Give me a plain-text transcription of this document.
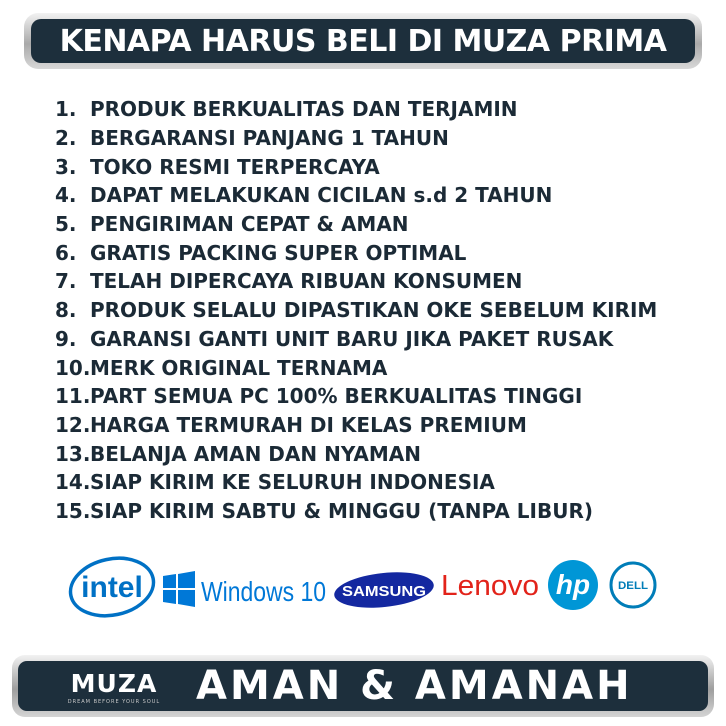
KENAPA HARUS BELI DI MUZA PRIMA
1. PRODUK BERKUALITAS DAN TERJAMIN
2. BERGARANSI PANJANG 1 TAHUN
3. TOKO RESMI TERPERCAYA
4. DAPAT MELAKUKAN CICILAN s.d 2 TAHUN
5. PENGIRIMAN CEPAT & AMAN
6. GRATIS PACKING SUPER OPTIMAL
7. TELAH DIPERCAYA RIBUAN KONSUMEN
8. PRODUK SELALU DIPASTIKAN OKE SEBELUM KIRIM
9. GARANSI GANTI UNIT BARU JIKA PAKET RUSAK
10. MERK ORIGINAL TERNAMA
11. PART SEMUA PC 100% BERKUALITAS TINGGI
12. HARGA TERMURAH DI KELAS PREMIUM
13. BELANJA AMAN DAN NYAMAN
14. SIAP KIRIM KE SELURUH INDONESIA
15. SIAP KIRIM SABTU & MINGGU (TANPA LIBUR)
intel Windows 10 SAMSUNG Lenovo hp	DELL
MUZA
DREAM BEFORE YOUR SOUL AMAN & AMANAH
